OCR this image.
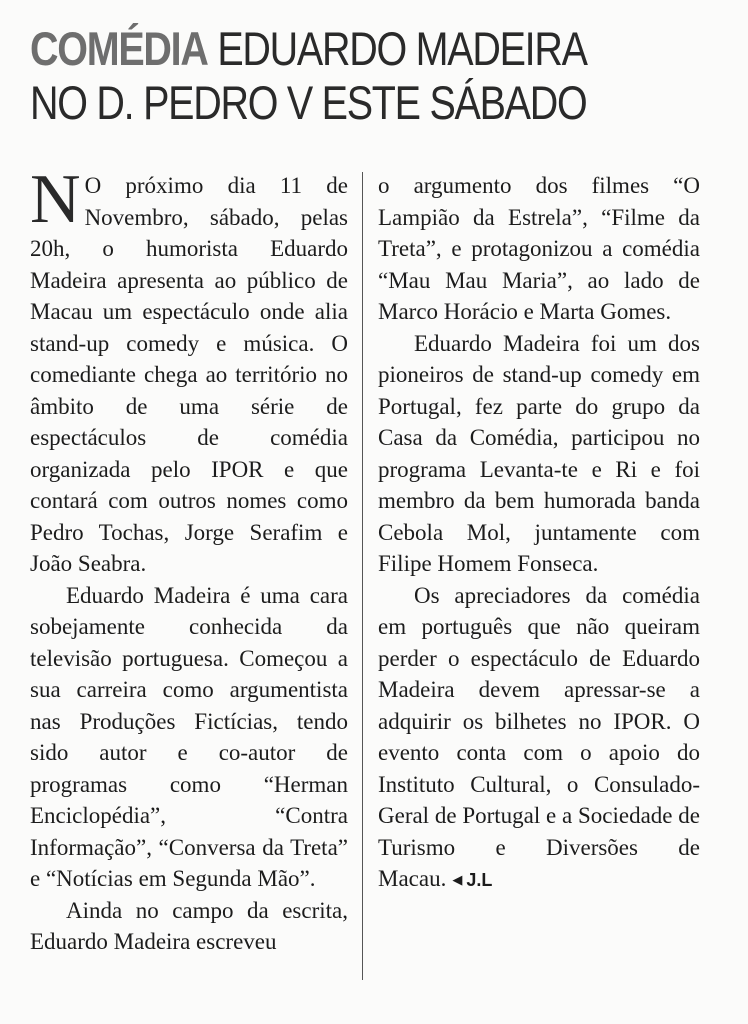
COMÉDIA EDUARDO MADEIRA
NO D. PEDRO V ESTE SÁBADO

N O próximo dia 11 de Novembro, sábado, pelas 20h, o humorista Eduardo Madeira apresenta ao público de Macau um espectáculo onde alia stand-up comedy e música. O comediante chega ao território no âmbito de uma série de espectáculos de comédia organizada pelo IPOR e que contará com outros nomes como Pedro Tochas, Jorge Serafim e João Seabra.

Eduardo Madeira é uma cara sobejamente conhecida da televisão portuguesa. Começou a sua carreira como argumentista nas Produções Fictícias, tendo sido autor e co-autor de programas como “Herman Enciclopédia”, “Contra Informação”, “Conversa da Treta” e “Notícias em Segunda Mão”.

Ainda no campo da escrita, Eduardo Madeira escreveu

o argumento dos filmes “O Lampião da Estrela”, “Filme da Treta”, e protagonizou a comédia “Mau Mau Maria”, ao lado de Marco Horácio e Marta Gomes.

Eduardo Madeira foi um dos pioneiros de stand-up comedy em Portugal, fez parte do grupo da Casa da Comédia, participou no programa Levanta-te e Ri e foi membro da bem humorada banda Cebola Mol, juntamente com Filipe Homem Fonseca.

Os apreciadores da comédia em português que não queiram perder o espectáculo de Eduardo Madeira devem apressar-se a adquirir os bilhetes no IPOR. O evento conta com o apoio do Instituto Cultural, o Consulado-Geral de Portugal e a Sociedade de Turismo e Diversões de Macau. ◀ J.L
